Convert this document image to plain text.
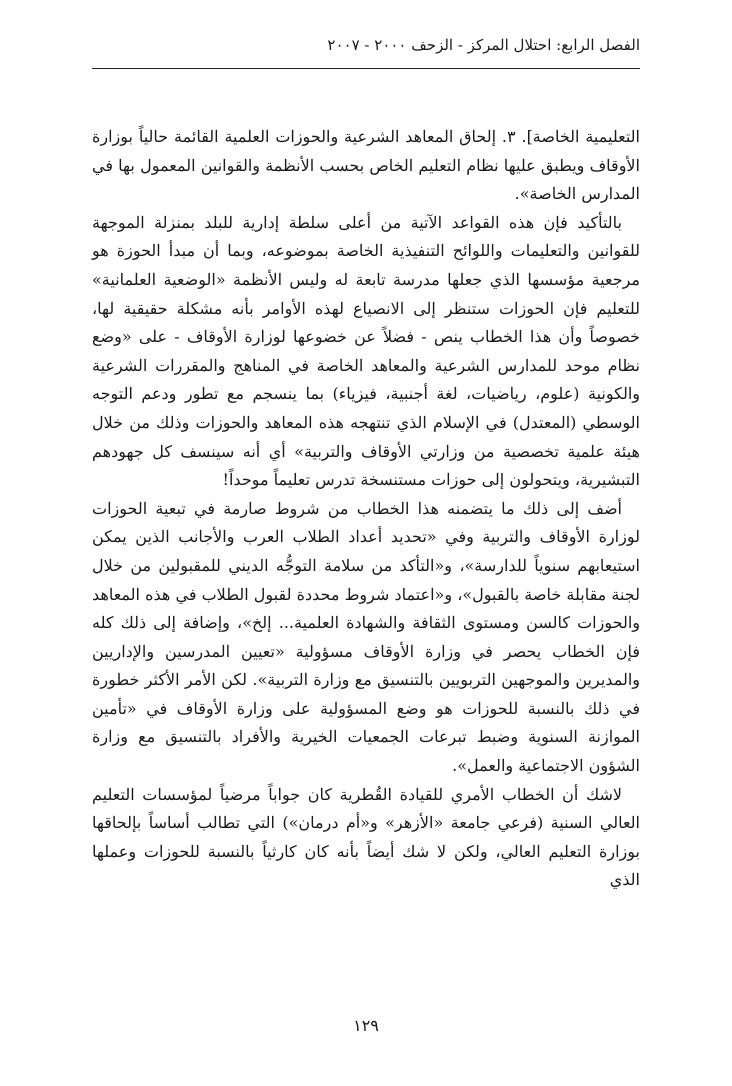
الفصل الرابع: احتلال المركز - الزحف ٢٠٠٠ - ٢٠٠٧

التعليمية الخاصة]. ٣. إلحاق المعاهد الشرعية والحوزات العلمية القائمة حالياً بوزارة الأوقاف ويطبق عليها نظام التعليم الخاص بحسب الأنظمة والقوانين المعمول بها في المدارس الخاصة».

بالتأكيد فإن هذه القواعد الآتية من أعلى سلطة إدارية للبلد بمنزلة الموجهة للقوانين والتعليمات واللوائح التنفيذية الخاصة بموضوعه، وبما أن مبدأ الحوزة هو مرجعية مؤسسها الذي جعلها مدرسة تابعة له وليس الأنظمة «الوضعية العلمانية» للتعليم فإن الحوزات ستنظر إلى الانصياع لهذه الأوامر بأنه مشكلة حقيقية لها، خصوصاً وأن هذا الخطاب ينص - فضلاً عن خضوعها لوزارة الأوقاف - على «وضع نظام موحد للمدارس الشرعية والمعاهد الخاصة في المناهج والمقررات الشرعية والكونية (علوم، رياضيات، لغة أجنبية، فيزياء) بما ينسجم مع تطور ودعم التوجه الوسطي (المعتدل) في الإسلام الذي تنتهجه هذه المعاهد والحوزات وذلك من خلال هيئة علمية تخصصية من وزارتي الأوقاف والتربية» أي أنه سينسف كل جهودهم التبشيرية، ويتحولون إلى حوزات مستنسخة تدرس تعليماً موحداً!

أضف إلى ذلك ما يتضمنه هذا الخطاب من شروط صارمة في تبعية الحوزات لوزارة الأوقاف والتربية وفي «تحديد أعداد الطلاب العرب والأجانب الذين يمكن استيعابهم سنوياً للدارسة»، و«التأكد من سلامة التوجُّه الديني للمقبولين من خلال لجنة مقابلة خاصة بالقبول»، و«اعتماد شروط محددة لقبول الطلاب في هذه المعاهد والحوزات كالسن ومستوى الثقافة والشهادة العلمية... إلخ»، وإضافة إلى ذلك كله فإن الخطاب يحصر في وزارة الأوقاف مسؤولية «تعيين المدرسين والإداريين والمديرين والموجهين التربويين بالتنسيق مع وزارة التربية». لكن الأمر الأكثر خطورة في ذلك بالنسبة للحوزات هو وضع المسؤولية على وزارة الأوقاف في «تأمين الموازنة السنوية وضبط تبرعات الجمعيات الخيرية والأفراد بالتنسيق مع وزارة الشؤون الاجتماعية والعمل».

لاشك أن الخطاب الأمري للقيادة القُطرية كان جواباً مرضياً لمؤسسات التعليم العالي السنية (فرعي جامعة «الأزهر» و«أم درمان») التي تطالب أساساً بإلحاقها بوزارة التعليم العالي، ولكن لا شك أيضاً بأنه كان كارثياً بالنسبة للحوزات وعملها الذي

١٢٩
